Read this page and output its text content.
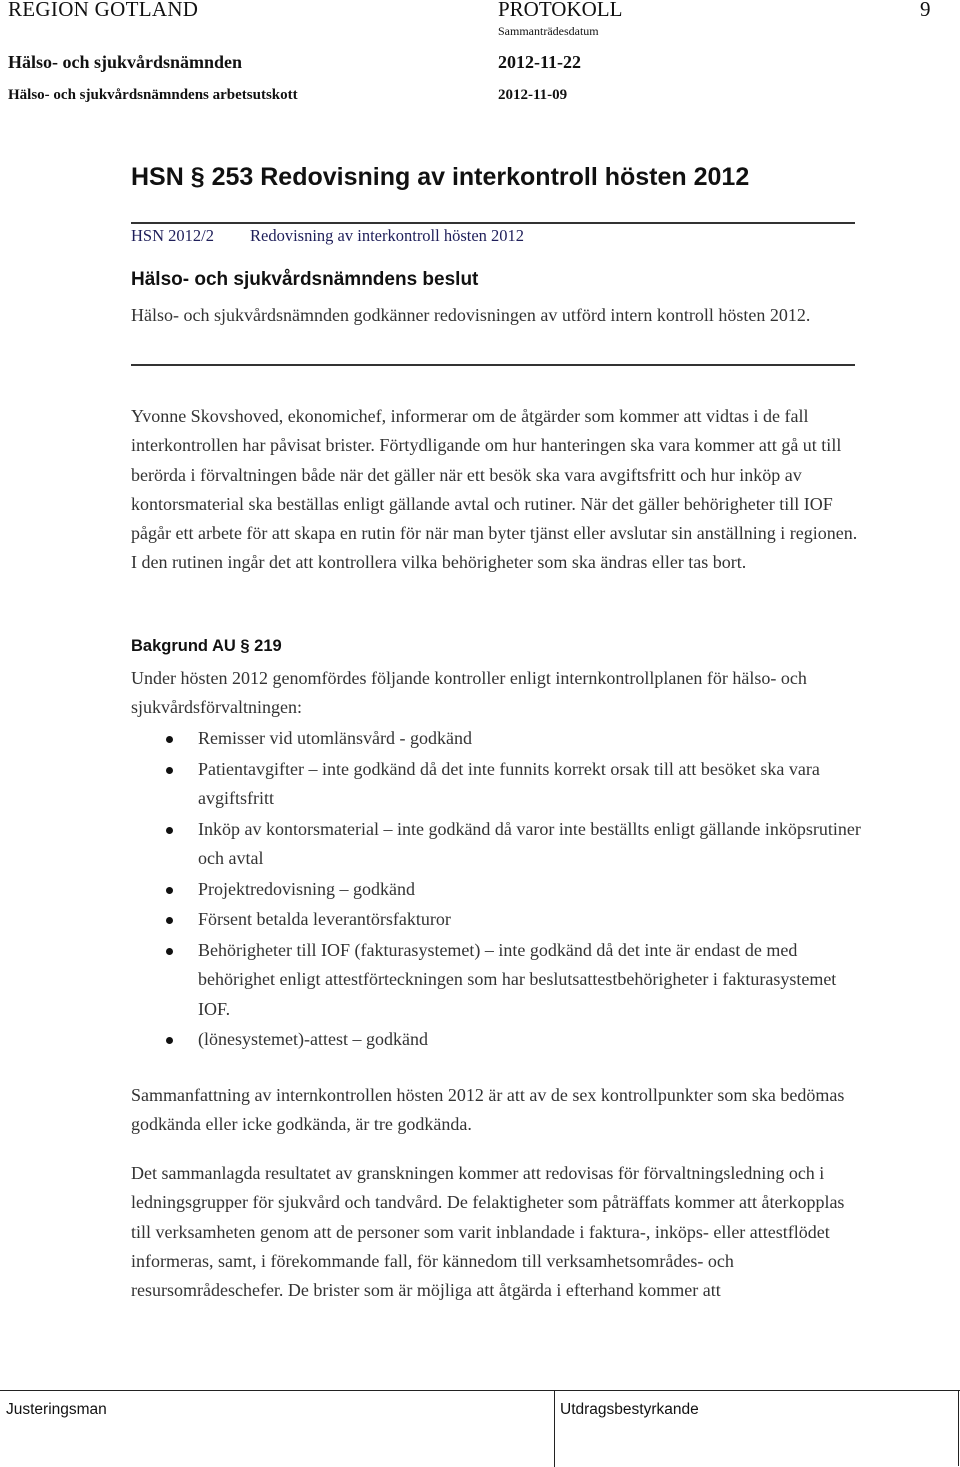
REGION GOTLAND	PROTOKOLL	9
Sammanträdesdatum
Hälso- och sjukvårdsnämnden	2012-11-22
Hälso- och sjukvårdsnämndens arbetsutskott	2012-11-09
HSN § 253 Redovisning av interkontroll hösten 2012
HSN 2012/2 Redovisning av interkontroll hösten 2012
Hälso- och sjukvårdsnämndens beslut
Hälso- och sjukvårdsnämnden godkänner redovisningen av utförd intern kontroll hösten 2012.
Yvonne Skovshoved, ekonomichef, informerar om de åtgärder som kommer att vidtas i de fall interkontrollen har påvisat brister. Förtydligande om hur hanteringen ska vara kommer att gå ut till berörda i förvaltningen både när det gäller när ett besök ska vara avgiftsfritt och hur inköp av kontorsmaterial ska beställas enligt gällande avtal och rutiner. När det gäller behörigheter till IOF pågår ett arbete för att skapa en rutin för när man byter tjänst eller avslutar sin anställning i regionen. I den rutinen ingår det att kontrollera vilka behörigheter som ska ändras eller tas bort.
Bakgrund AU § 219
Under hösten 2012 genomfördes följande kontroller enligt internkontrollplanen för hälso- och sjukvårdsförvaltningen:
Remisser vid utomlänsvård - godkänd
Patientavgifter – inte godkänd då det inte funnits korrekt orsak till att besöket ska vara avgiftsfritt
Inköp av kontorsmaterial – inte godkänd då varor inte beställts enligt gällande inköpsrutiner och avtal
Projektredovisning – godkänd
Försent betalda leverantörsfakturor
Behörigheter till IOF (fakturasystemet) – inte godkänd då det inte är endast de med behörighet enligt attestförteckningen som har beslutsattestbehörigheter i fakturasystemet IOF.
(lönesystemet)-attest – godkänd
Sammanfattning av internkontrollen hösten 2012 är att av de sex kontrollpunkter som ska bedömas godkända eller icke godkända, är tre godkända.
Det sammanlagda resultatet av granskningen kommer att redovisas för förvaltningsledning och i ledningsgrupper för sjukvård och tandvård. De felaktigheter som påträffats kommer att återkopplas till verksamheten genom att de personer som varit inblandade i faktura-, inköps- eller attestflödet informeras, samt, i förekommande fall, för kännedom till verksamhetsområdes- och resursområdeschefer. De brister som är möjliga att åtgärda i efterhand kommer att
Justeringsman	Utdragsbestyrkande
